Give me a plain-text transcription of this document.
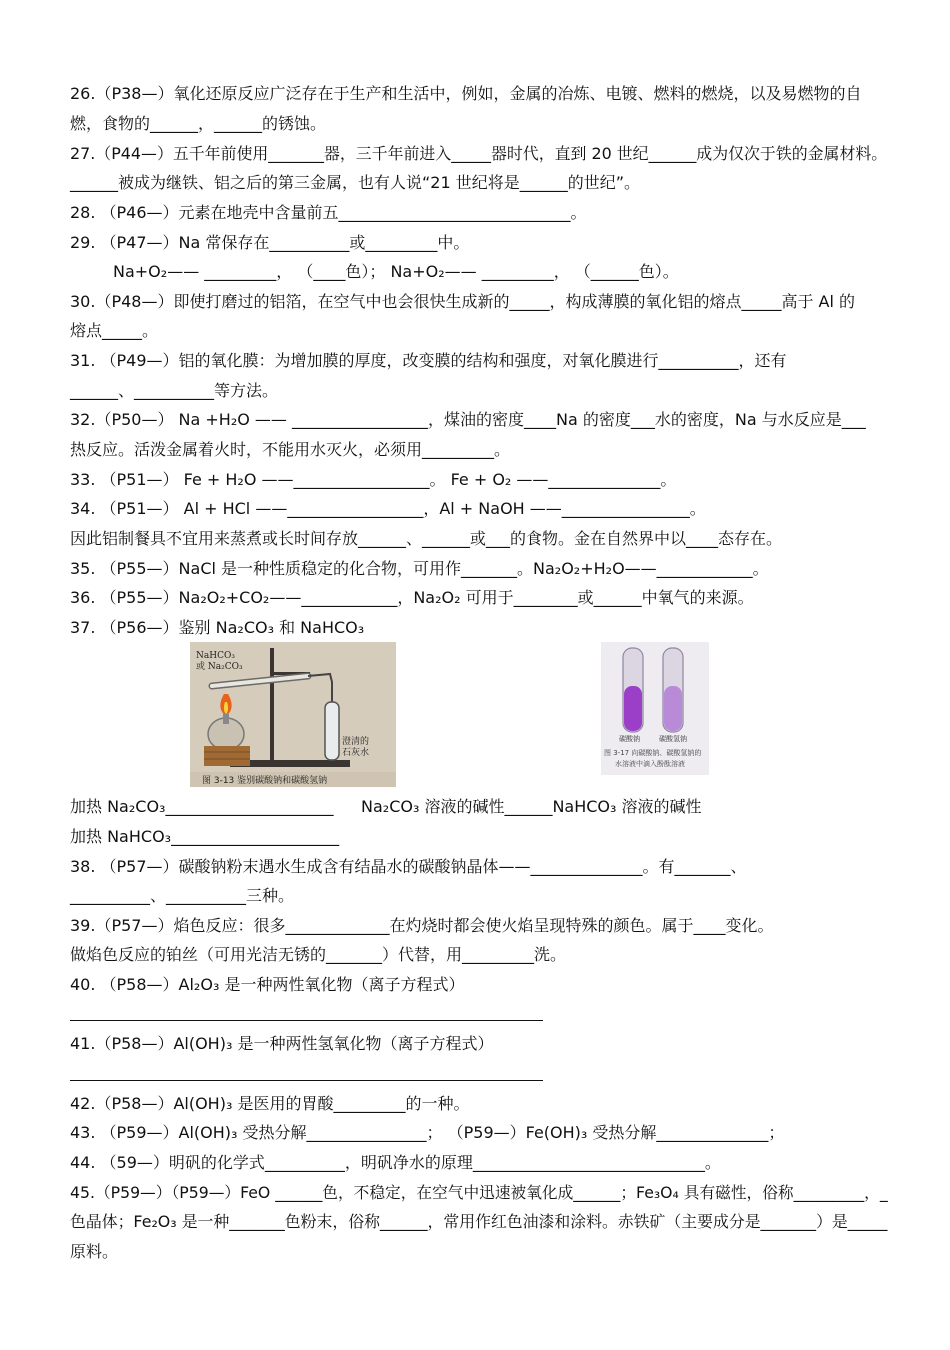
26.（P38—）氧化还原反应广泛存在于生产和生活中，例如，金属的冶炼、电镀、燃料的燃烧，以及易燃物的自
燃，食物的______，______的锈蚀。
27.（P44—）五千年前使用_______器，三千年前进入_____器时代，直到 20 世纪______成为仅次于铁的金属材料。
______被成为继铁、铝之后的第三金属，也有人说“21 世纪将是______的世纪”。
28. （P46—）元素在地壳中含量前五_____________________________。
29. （P47—）Na 常保存在__________或_________中。
Na+O₂—— _________， （____色）； Na+O₂—— _________， （______色）。
30.（P48—）即使打磨过的铝箔，在空气中也会很快生成新的_____，构成薄膜的氧化铝的熔点_____高于 Al 的
熔点_____。
31. （P49—）铝的氧化膜：为增加膜的厚度，改变膜的结构和强度，对氧化膜进行__________，还有
______、__________等方法。
32.（P50—） Na +H₂O —— _________________，煤油的密度____Na 的密度___水的密度，Na 与水反应是___
热反应。活泼金属着火时，不能用水灭火，必须用_________。
33. （P51—） Fe + H₂O ——_________________。 Fe + O₂ ——______________。
34. （P51—） Al + HCl ——_________________，Al + NaOH ——________________。
因此铝制餐具不宜用来蒸煮或长时间存放______、______或___的食物。金在自然界中以____态存在。
35. （P55—）NaCl 是一种性质稳定的化合物，可用作_______。Na₂O₂+H₂O——____________。
36. （P55—）Na₂O₂+CO₂——____________，Na₂O₂ 可用于________或______中氧气的来源。
37. （P56—）鉴别 Na₂CO₃ 和 NaHCO₃
NaHCO₃
或 Na₂CO₃
澄清的
石灰水
图 3-13 鉴别碳酸钠和碳酸氢钠
碳酸钠	碳酸氢钠
图 3-17 向碳酸钠、碳酸氢钠的
水溶液中滴入酚酞溶液
加热 Na₂CO₃_____________________ Na₂CO₃ 溶液的碱性______NaHCO₃ 溶液的碱性
加热 NaHCO₃_____________________
38. （P57—）碳酸钠粉末遇水生成含有结晶水的碳酸钠晶体——______________。有_______、
__________、__________三种。
39.（P57—）焰色反应：很多_____________在灼烧时都会使火焰呈现特殊的颜色。属于____变化。
做焰色反应的铂丝（可用光洁无锈的_______）代替，用_________洗。
40. （P58—）Al₂O₃ 是一种两性氧化物（离子方程式）
41.（P58—）Al(OH)₃ 是一种两性氢氧化物（离子方程式）
42.（P58—）Al(OH)₃ 是医用的胃酸_________的一种。
43. （P59—）Al(OH)₃ 受热分解_______________； （P59—）Fe(OH)₃ 受热分解______________；
44. （59—）明矾的化学式__________，明矾净水的原理_____________________________。
45.（P59—）（P59—）FeO ______色，不稳定，在空气中迅速被氧化成______；Fe₃O₄ 具有磁性，俗称_________，_
色晶体；Fe₂O₃ 是一种_______色粉末，俗称______，常用作红色油漆和涂料。赤铁矿（主要成分是_______）是_____
原料。
